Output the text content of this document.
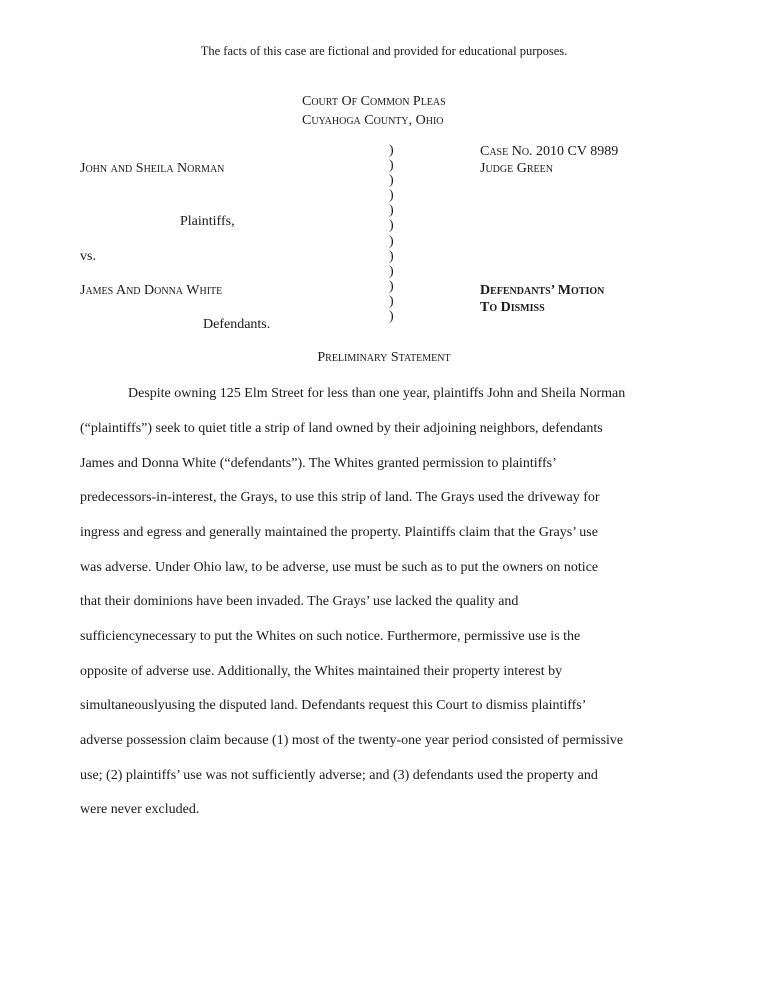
The facts of this case are fictional and provided for educational purposes.
Court Of Common Pleas
Cuyahoga County, Ohio
John and Sheila Norman
Plaintiffs,
vs.
James And Donna White
Defendants.
)
)
)
)
)
)
)
)
)
)
)
)
Case No. 2010 CV 8989
Judge Green
Defendants’ Motion
To Dismiss
Preliminary Statement
Despite owning 125 Elm Street for less than one year, plaintiffs John and Sheila Norman
(“plaintiffs”) seek to quiet title a strip of land owned by their adjoining neighbors, defendants
James and Donna White (“defendants”). The Whites granted permission to plaintiffs’
predecessors-in-interest, the Grays, to use this strip of land. The Grays used the driveway for
ingress and egress and generally maintained the property. Plaintiffs claim that the Grays’ use
was adverse. Under Ohio law, to be adverse, use must be such as to put the owners on notice
that their dominions have been invaded. The Grays’ use lacked the quality and
sufficiencynecessary to put the Whites on such notice. Furthermore, permissive use is the
opposite of adverse use. Additionally, the Whites maintained their property interest by
simultaneouslyusing the disputed land. Defendants request this Court to dismiss plaintiffs’
adverse possession claim because (1) most of the twenty-one year period consisted of permissive
use; (2) plaintiffs’ use was not sufficiently adverse; and (3) defendants used the property and
were never excluded.
